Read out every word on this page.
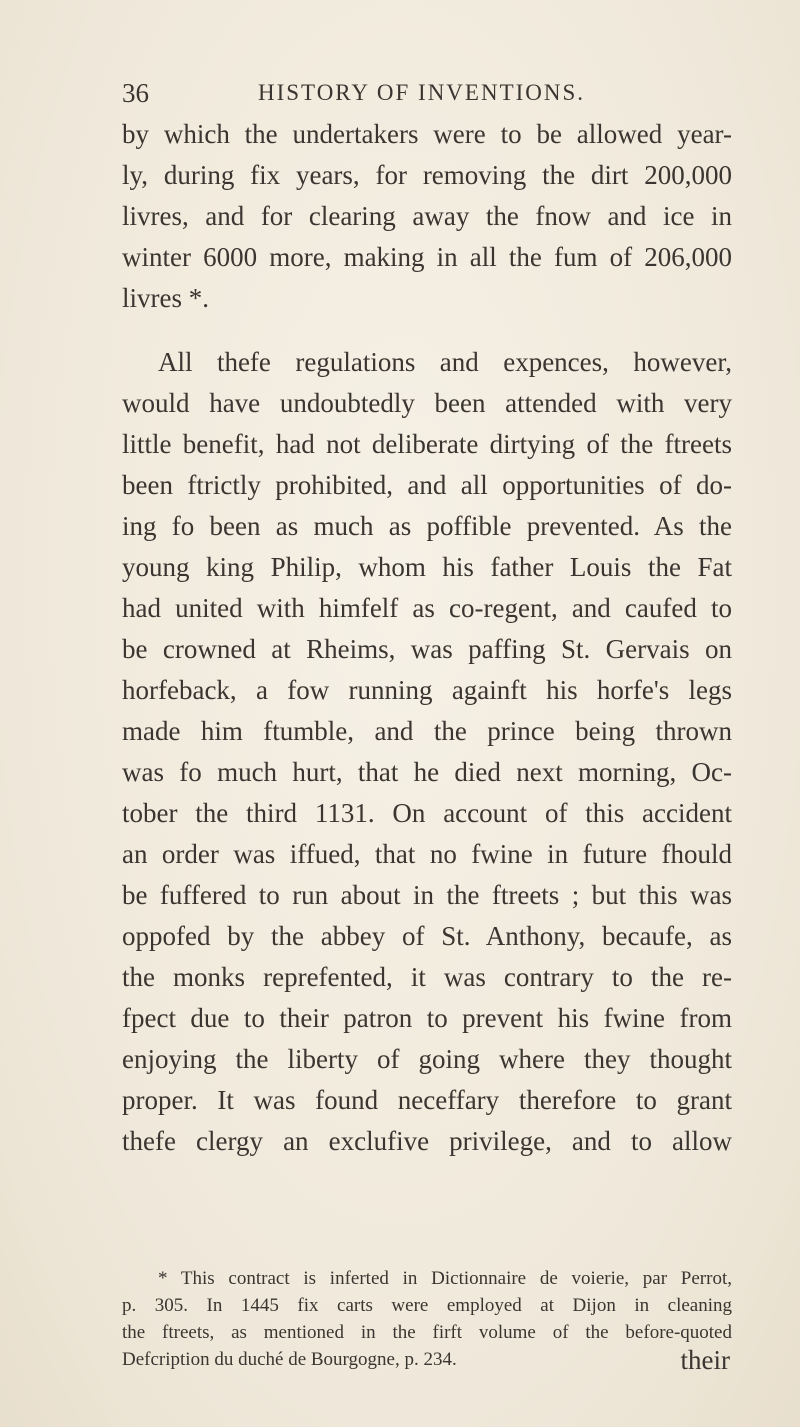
36	HISTORY OF INVENTIONS.
by which the undertakers were to be allowed year-
ly, during fix years, for removing the dirt 200,000
livres, and for clearing away the fnow and ice in
winter 6000 more, making in all the fum of 206,000
livres *.
All thefe regulations and expences, however,
would have undoubtedly been attended with very
little benefit, had not deliberate dirtying of the ftreets
been ftrictly prohibited, and all opportunities of do-
ing fo been as much as poffible prevented. As the
young king Philip, whom his father Louis the Fat
had united with himfelf as co-regent, and caufed to
be crowned at Rheims, was paffing St. Gervais on
horfeback, a fow running againft his horfe's legs
made him ftumble, and the prince being thrown
was fo much hurt, that he died next morning, Oc-
tober the third 1131. On account of this accident
an order was iffued, that no fwine in future fhould
be fuffered to run about in the ftreets ; but this was
oppofed by the abbey of St. Anthony, becaufe, as
the monks reprefented, it was contrary to the re-
fpect due to their patron to prevent his fwine from
enjoying the liberty of going where they thought
proper. It was found neceffary therefore to grant
thefe clergy an exclufive privilege, and to allow
* This contract is inferted in Dictionnaire de voierie, par Perrot,
p. 305. In 1445 fix carts were employed at Dijon in cleaning
the ftreets, as mentioned in the firft volume of the before-quoted
Defcription du duché de Bourgogne, p. 234.	their
